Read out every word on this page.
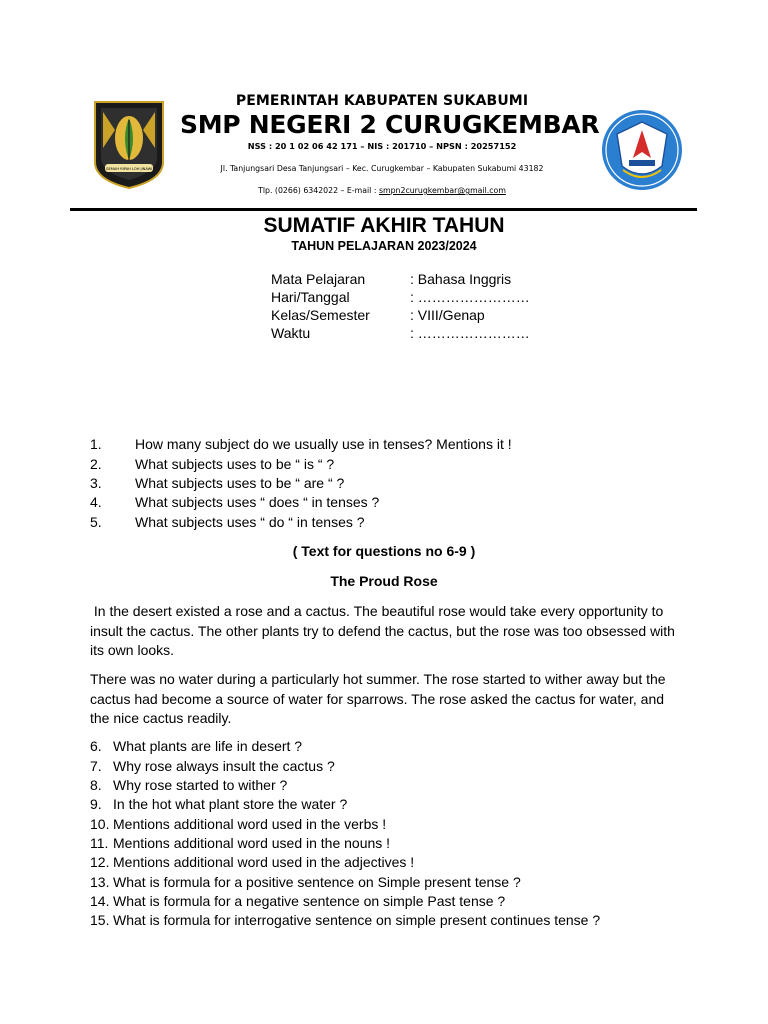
GEMAH RIPAH LOH JINAWI
PEMERINTAH KABUPATEN SUKABUMI
SMP NEGERI 2 CURUGKEMBAR
NSS : 20 1 02 06 42 171 – NIS : 201710 – NPSN : 20257152
Jl. Tanjungsari Desa Tanjungsari – Kec. Curugkembar – Kabupaten Sukabumi 43182
Tlp. (0266) 6342022 – E-mail : smpn2curugkembar@gmail.com
SUMATIF AKHIR TAHUN
TAHUN PELAJARAN 2023/2024
Mata Pelajaran	: Bahasa Inggris
Hari/Tanggal	: ……………………
Kelas/Semester	: VIII/Genap
Waktu	: ……………………
1. How many subject do we usually use in tenses? Mentions it !
2. What subjects uses to be “ is “ ?
3. What subjects uses to be “ are “ ?
4. What subjects uses “ does “ in tenses ?
5. What subjects uses “ do “ in tenses ?
( Text for questions no 6-9 )
The Proud Rose

In the desert existed a rose and a cactus. The beautiful rose would take every opportunity to insult the cactus. The other plants try to defend the cactus, but the rose was too obsessed with its own looks.

There was no water during a particularly hot summer. The rose started to wither away but the cactus had become a source of water for sparrows. The rose asked the cactus for water, and the nice cactus readily.

6. What plants are life in desert ?
7. Why rose always insult the cactus ?
8. Why rose started to wither ?
9. In the hot what plant store the water ?
10. Mentions additional word used in the verbs !
11. Mentions additional word used in the nouns !
12. Mentions additional word used in the adjectives !
13. What is formula for a positive sentence on Simple present tense ?
14. What is formula for a negative sentence on simple Past tense ?
15. What is formula for interrogative sentence on simple present continues tense ?
